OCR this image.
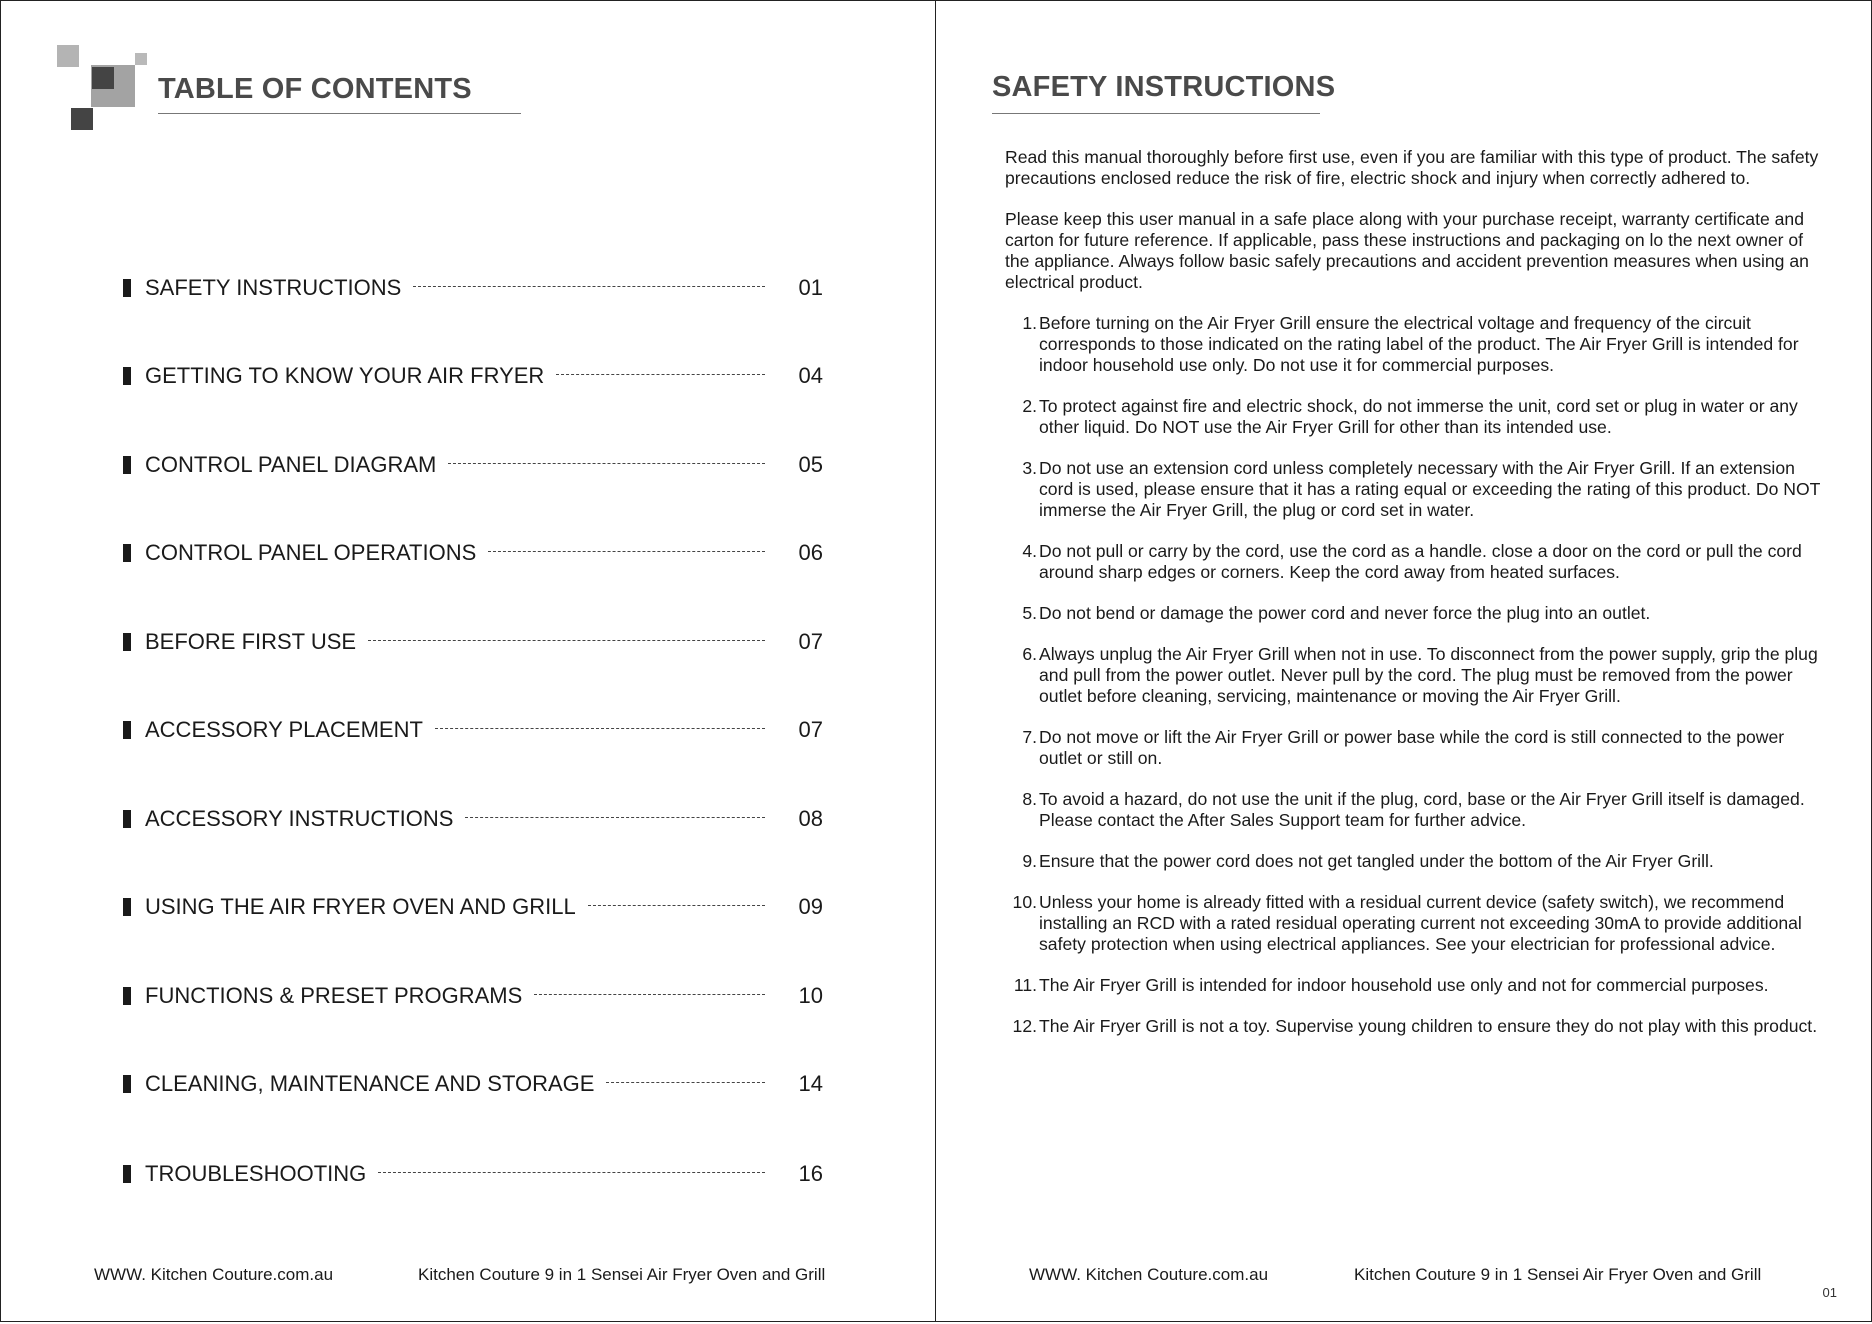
TABLE OF CONTENTS
SAFETY INSTRUCTIONS	01
GETTING TO KNOW YOUR AIR FRYER	04
CONTROL PANEL DIAGRAM	05
CONTROL PANEL OPERATIONS	06
BEFORE FIRST USE	07
ACCESSORY PLACEMENT	07
ACCESSORY INSTRUCTIONS	08
USING THE AIR FRYER OVEN AND GRILL	09
FUNCTIONS & PRESET PROGRAMS	10
CLEANING, MAINTENANCE AND STORAGE	14
TROUBLESHOOTING	16
WWW. Kitchen Couture.com.au	Kitchen Couture 9 in 1 Sensei Air Fryer Oven and Grill
SAFETY INSTRUCTIONS

Read this manual thoroughly before first use, even if you are familiar with this type of product. The safety precautions enclosed reduce the risk of fire, electric shock and injury when correctly adhered to.

Please keep this user manual in a safe place along with your purchase receipt, warranty certificate and carton for future reference. If applicable, pass these instructions and packaging on lo the next owner of the appliance. Always follow basic safely precautions and accident prevention measures when using an electrical product.

1. Before turning on the Air Fryer Grill ensure the electrical voltage and frequency of the circuit corresponds to those indicated on the rating label of the product. The Air Fryer Grill is intended for indoor household use only. Do not use it for commercial purposes.
2. To protect against fire and electric shock, do not immerse the unit, cord set or plug in water or any other liquid. Do NOT use the Air Fryer Grill for other than its intended use.
3. Do not use an extension cord unless completely necessary with the Air Fryer Grill. If an extension cord is used, please ensure that it has a rating equal or exceeding the rating of this product. Do NOT immerse the Air Fryer Grill, the plug or cord set in water.
4. Do not pull or carry by the cord, use the cord as a handle. close a door on the cord or pull the cord around sharp edges or corners. Keep the cord away from heated surfaces.
5. Do not bend or damage the power cord and never force the plug into an outlet.
6. Always unplug the Air Fryer Grill when not in use. To disconnect from the power supply, grip the plug and pull from the power outlet. Never pull by the cord. The plug must be removed from the power outlet before cleaning, servicing, maintenance or moving the Air Fryer Grill.
7. Do not move or lift the Air Fryer Grill or power base while the cord is still connected to the power outlet or still on.
8. To avoid a hazard, do not use the unit if the plug, cord, base or the Air Fryer Grill itself is damaged. Please contact the After Sales Support team for further advice.
9. Ensure that the power cord does not get tangled under the bottom of the Air Fryer Grill.
10. Unless your home is already fitted with a residual current device (safety switch), we recommend installing an RCD with a rated residual operating current not exceeding 30mA to provide additional safety protection when using electrical appliances. See your electrician for professional advice.
11. The Air Fryer Grill is intended for indoor household use only and not for commercial purposes.
12. The Air Fryer Grill is not a toy. Supervise young children to ensure they do not play with this product.
WWW. Kitchen Couture.com.au	Kitchen Couture 9 in 1 Sensei Air Fryer Oven and Grill
01
